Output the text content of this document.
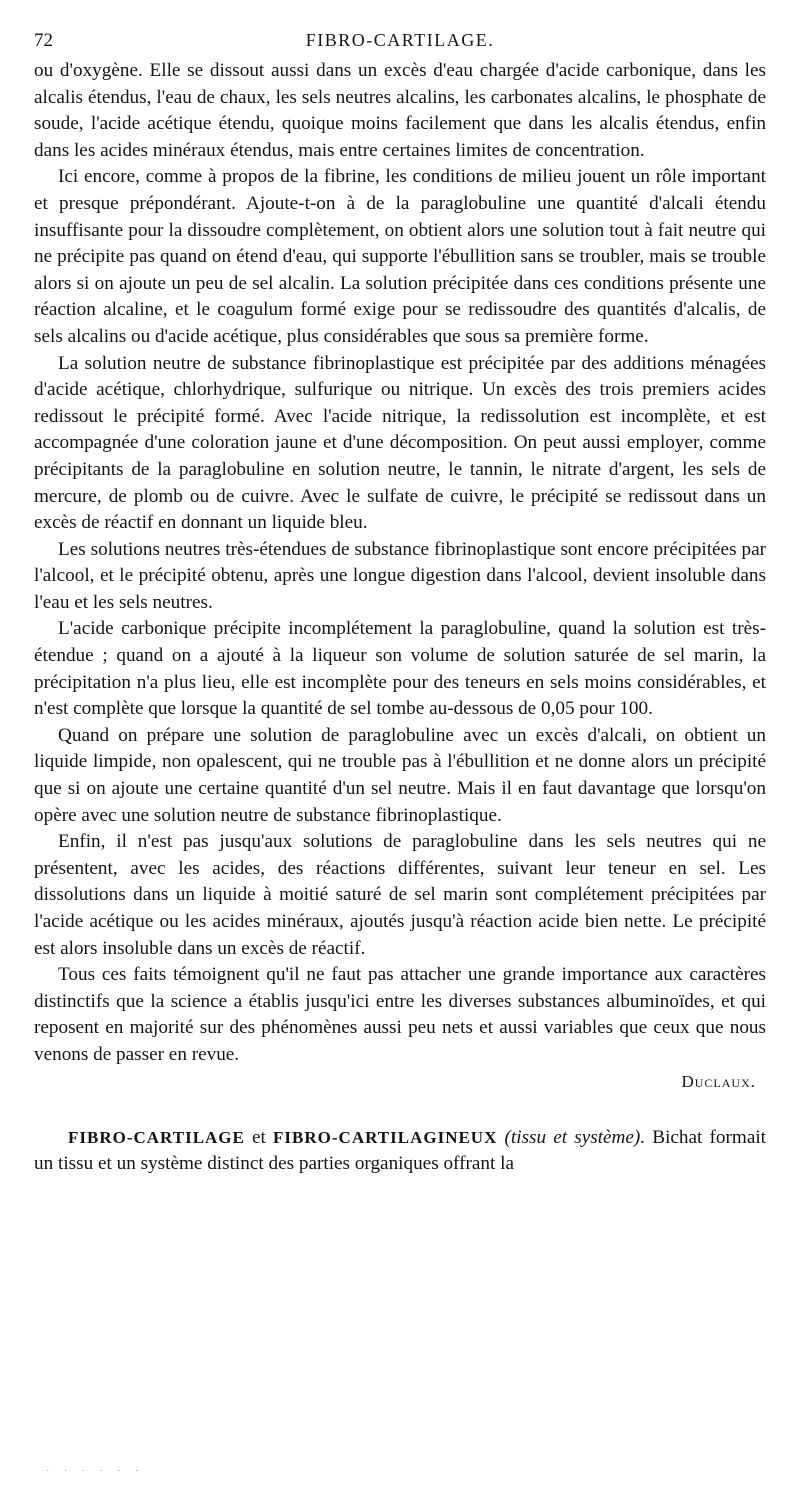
72	FIBRO-CARTILAGE.

ou d'oxygène. Elle se dissout aussi dans un excès d'eau chargée d'acide carbonique, dans les alcalis étendus, l'eau de chaux, les sels neutres alcalins, les carbonates alcalins, le phosphate de soude, l'acide acétique étendu, quoique moins facilement que dans les alcalis étendus, enfin dans les acides minéraux étendus, mais entre certaines limites de concentration.

Ici encore, comme à propos de la fibrine, les conditions de milieu jouent un rôle important et presque prépondérant. Ajoute-t-on à de la paraglobuline une quantité d'alcali étendu insuffisante pour la dissoudre complètement, on obtient alors une solution tout à fait neutre qui ne précipite pas quand on étend d'eau, qui supporte l'ébullition sans se troubler, mais se trouble alors si on ajoute un peu de sel alcalin. La solution précipitée dans ces conditions présente une réaction alcaline, et le coagulum formé exige pour se redissoudre des quantités d'alcalis, de sels alcalins ou d'acide acétique, plus considérables que sous sa première forme.

La solution neutre de substance fibrinoplastique est précipitée par des additions ménagées d'acide acétique, chlorhydrique, sulfurique ou nitrique. Un excès des trois premiers acides redissout le précipité formé. Avec l'acide nitrique, la redissolution est incomplète, et est accompagnée d'une coloration jaune et d'une décomposition. On peut aussi employer, comme précipitants de la paraglobuline en solution neutre, le tannin, le nitrate d'argent, les sels de mercure, de plomb ou de cuivre. Avec le sulfate de cuivre, le précipité se redissout dans un excès de réactif en donnant un liquide bleu.

Les solutions neutres très-étendues de substance fibrinoplastique sont encore précipitées par l'alcool, et le précipité obtenu, après une longue digestion dans l'alcool, devient insoluble dans l'eau et les sels neutres.

L'acide carbonique précipite incomplétement la paraglobuline, quand la solution est très-étendue ; quand on a ajouté à la liqueur son volume de solution saturée de sel marin, la précipitation n'a plus lieu, elle est incomplète pour des teneurs en sels moins considérables, et n'est complète que lorsque la quantité de sel tombe au-dessous de 0,05 pour 100.

Quand on prépare une solution de paraglobuline avec un excès d'alcali, on obtient un liquide limpide, non opalescent, qui ne trouble pas à l'ébullition et ne donne alors un précipité que si on ajoute une certaine quantité d'un sel neutre. Mais il en faut davantage que lorsqu'on opère avec une solution neutre de substance fibrinoplastique.

Enfin, il n'est pas jusqu'aux solutions de paraglobuline dans les sels neutres qui ne présentent, avec les acides, des réactions différentes, suivant leur teneur en sel. Les dissolutions dans un liquide à moitié saturé de sel marin sont complétement précipitées par l'acide acétique ou les acides minéraux, ajoutés jusqu'à réaction acide bien nette. Le précipité est alors insoluble dans un excès de réactif.

Tous ces faits témoignent qu'il ne faut pas attacher une grande importance aux caractères distinctifs que la science a établis jusqu'ici entre les diverses substances albuminoïdes, et qui reposent en majorité sur des phénomènes aussi peu nets et aussi variables que ceux que nous venons de passer en revue.

Duclaux.

FIBRO-CARTILAGE et FIBRO-CARTILAGINEUX (tissu et système). Bichat formait un tissu et un système distinct des parties organiques offrant la

· · · · · ·
